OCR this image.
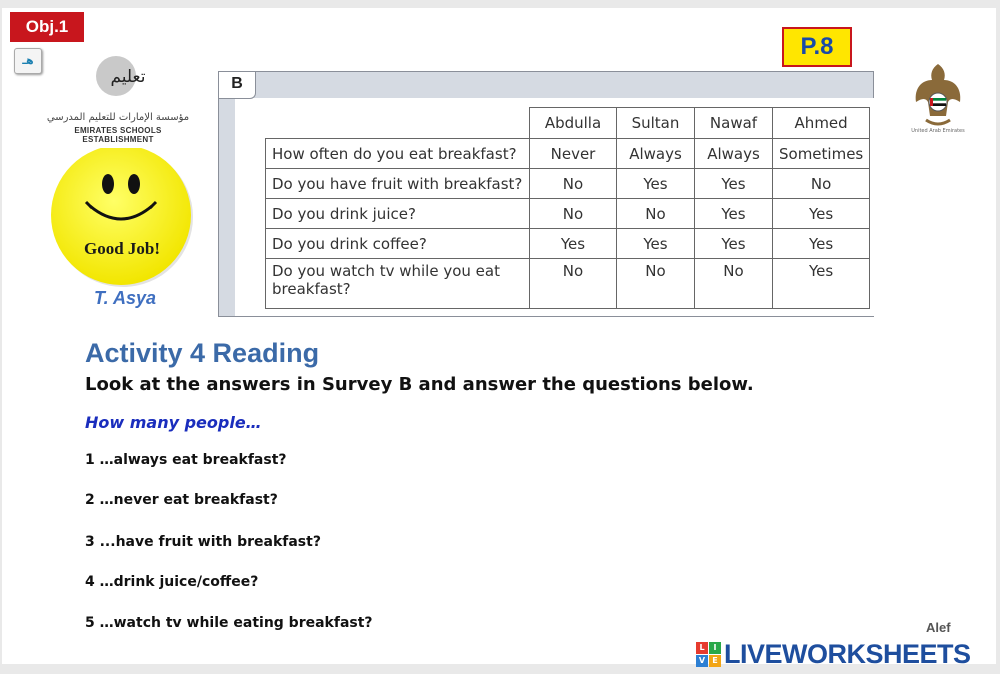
Obj.1
هـ
تعليم
مؤسسة الإمارات للتعليم المدرسي
EMIRATES SCHOOLS ESTABLISHMENT
Good Job!
T. Asya
P.8
United Arab Emirates
B
	Abdulla	Sultan	Nawaf	Ahmed
How often do you eat breakfast?	Never	Always	Always	Sometimes
Do you have fruit with breakfast?	No	Yes	Yes	No
Do you drink juice?	No	No	Yes	Yes
Do you drink coffee?	Yes	Yes	Yes	Yes
Do you watch tv while you eat breakfast?	No	No	No	Yes
Activity 4 Reading
Look at the answers in Survey B and answer the questions below.
How many people…
1 …always eat breakfast?
2 …never eat breakfast?
3 ...have fruit with breakfast?
4 …drink juice/coffee?
5 …watch tv while eating breakfast?	Alef
L	I
V E LIVEWORKSHEETS
